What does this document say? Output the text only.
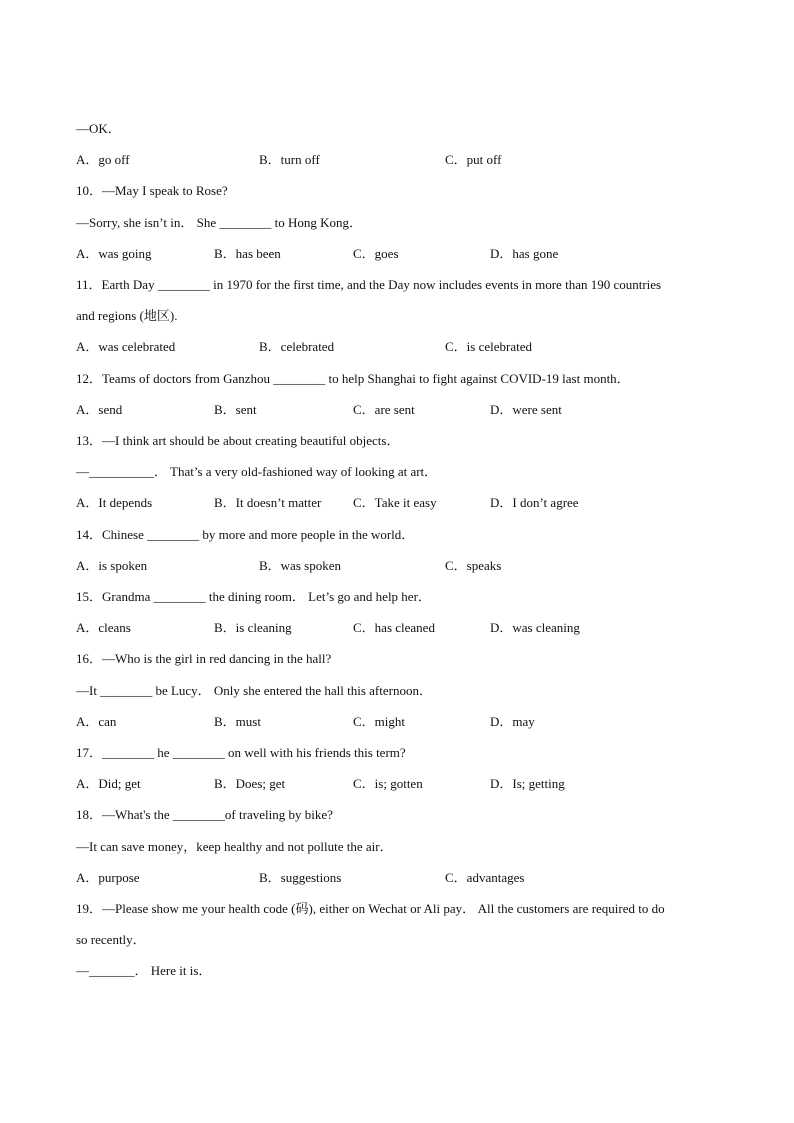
—OK．
A．go off	B．turn off	C．put off
10．—May I speak to Rose?
—Sorry, she isn’t in． She ________ to Hong Kong．
A．was going	B．has been	C．goes	D．has gone
11．Earth Day ________ in 1970 for the first time, and the Day now includes events in more than 190 countries
and regions (地区).
A．was celebrated	B．celebrated	C．is celebrated
12．Teams of doctors from Ganzhou ________ to help Shanghai to fight against COVID-19 last month．
A．send	B．sent	C．are sent	D．were sent
13．—I think art should be about creating beautiful objects．
—__________． That’s a very old-fashioned way of looking at art．
A．It depends	B．It doesn’t matter C．Take it easy	D．I don’t agree
14．Chinese ________ by more and more people in the world．
A．is spoken	B．was spoken	C．speaks
15．Grandma ________ the dining room． Let’s go and help her．
A．cleans	B．is cleaning	C．has cleaned	D．was cleaning
16．—Who is the girl in red dancing in the hall?
—It ________ be Lucy． Only she entered the hall this afternoon．
A．can	B．must	C．might	D．may
17．________ he ________ on well with his friends this term?
A．Did; get	B．Does; get	C．is; gotten	D．Is; getting
18．—What's the ________of traveling by bike?
—It can save money，keep healthy and not pollute the air．
A．purpose	B．suggestions	C．advantages
19．—Please show me your health code (码), either on Wechat or Ali pay． All the customers are required to do
so recently．
—_______． Here it is．
